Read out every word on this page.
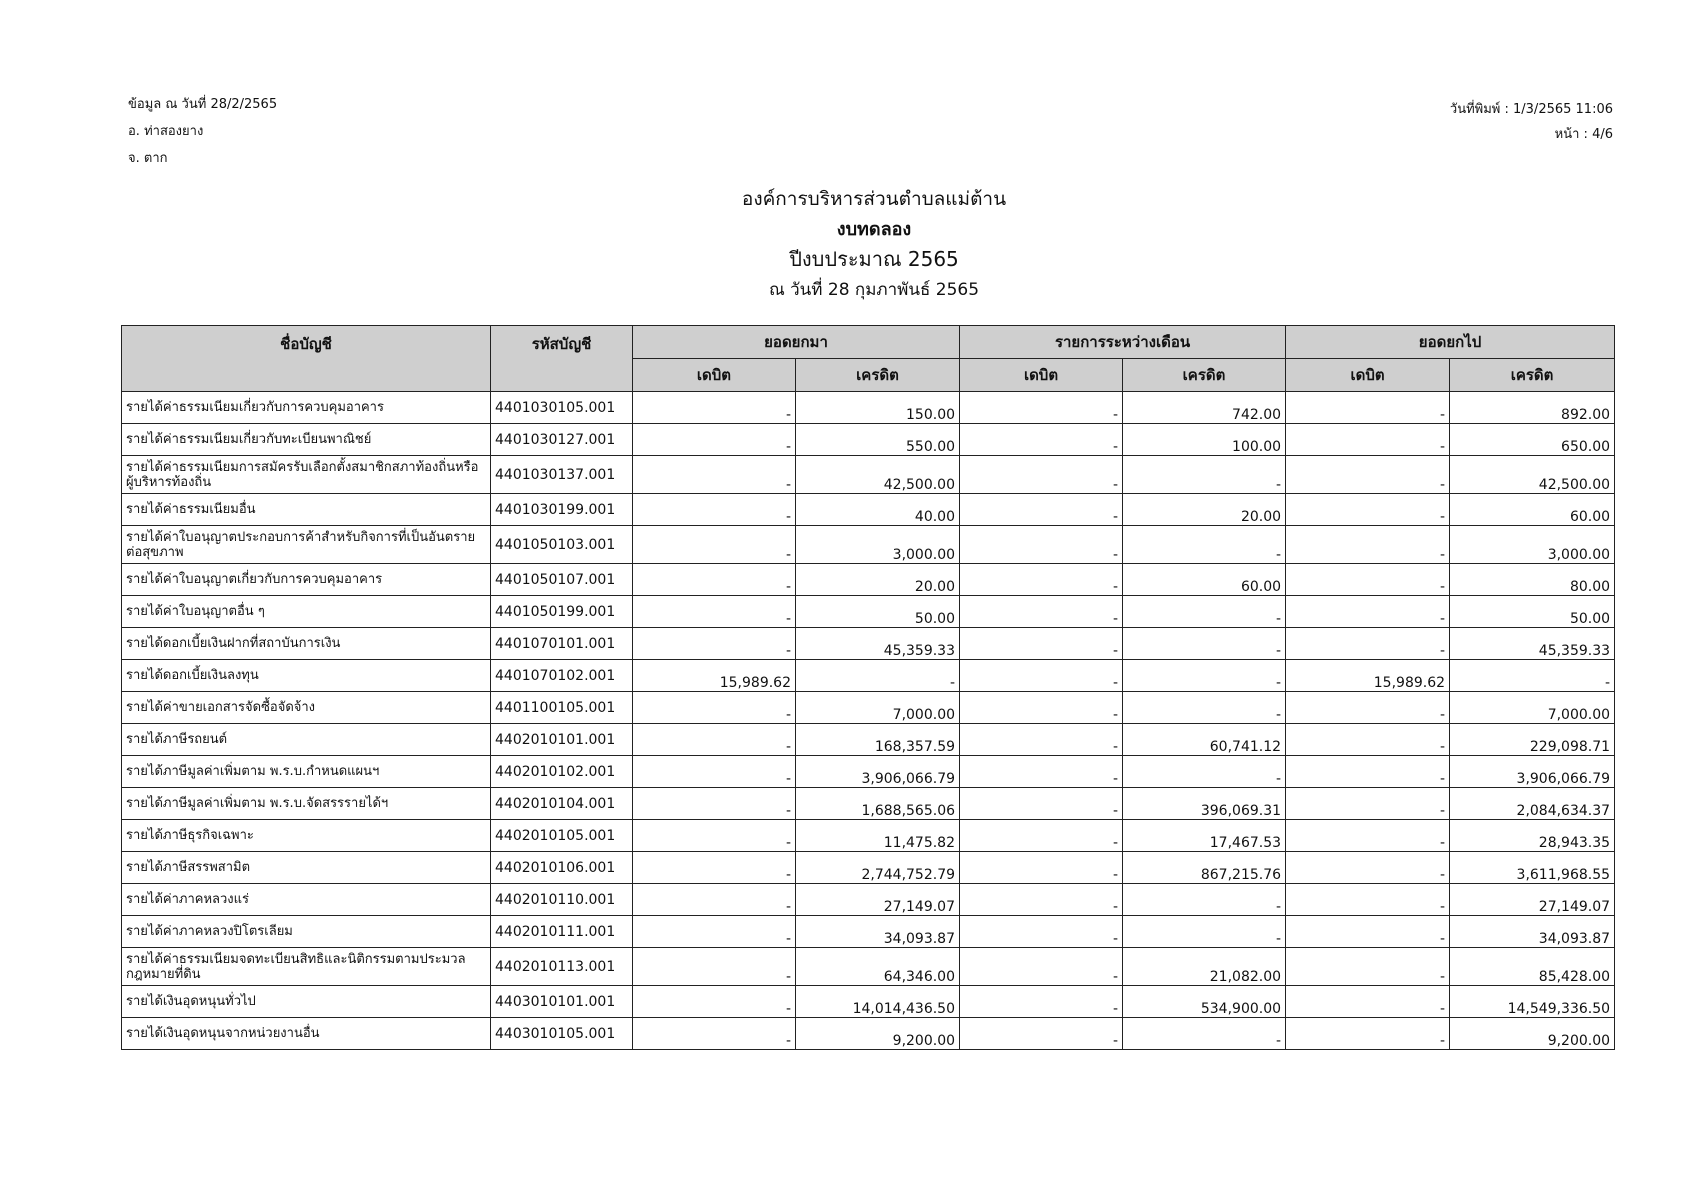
ข้อมูล ณ วันที่ 28/2/2565
อ. ท่าสองยาง
จ. ตาก
วันที่พิมพ์ : 1/3/2565 11:06
หน้า : 4/6
องค์การบริหารส่วนตำบลแม่ต้าน
งบทดลอง
ปีงบประมาณ 2565
ณ วันที่ 28 กุมภาพันธ์ 2565
ชื่อบัญชี	รหัสบัญชี	ยอดยกมา		รายการระหว่างเดือน		ยอดยกไป	
		เดบิต	เครดิต	เดบิต	เครดิต	เดบิต	เครดิต
รายได้ค่าธรรมเนียมเกี่ยวกับการควบคุมอาคาร	4401030105.001	-	150.00	-	742.00	-	892.00
รายได้ค่าธรรมเนียมเกี่ยวกับทะเบียนพาณิชย์	4401030127.001	-	550.00	-	100.00	-	650.00
รายได้ค่าธรรมเนียมการสมัครรับเลือกตั้งสมาชิกสภาท้องถิ่นหรือผู้บริหารท้องถิ่น	4401030137.001	-	42,500.00	-	-	-	42,500.00
รายได้ค่าธรรมเนียมอื่น	4401030199.001	-	40.00	-	20.00	-	60.00
รายได้ค่าใบอนุญาตประกอบการค้าสำหรับกิจการที่เป็นอันตรายต่อสุขภาพ	4401050103.001	-	3,000.00	-	-	-	3,000.00
รายได้ค่าใบอนุญาตเกี่ยวกับการควบคุมอาคาร	4401050107.001	-	20.00	-	60.00	-	80.00
รายได้ค่าใบอนุญาตอื่น ๆ	4401050199.001	-	50.00	-	-	-	50.00
รายได้ดอกเบี้ยเงินฝากที่สถาบันการเงิน	4401070101.001	-	45,359.33	-	-	-	45,359.33
รายได้ดอกเบี้ยเงินลงทุน	4401070102.001	15,989.62	-	-	-	15,989.62	-
รายได้ค่าขายเอกสารจัดซื้อจัดจ้าง	4401100105.001	-	7,000.00	-	-	-	7,000.00
รายได้ภาษีรถยนต์	4402010101.001	-	168,357.59	-	60,741.12	-	229,098.71
รายได้ภาษีมูลค่าเพิ่มตาม พ.ร.บ.กำหนดแผนฯ	4402010102.001	-	3,906,066.79	-	-	-	3,906,066.79
รายได้ภาษีมูลค่าเพิ่มตาม พ.ร.บ.จัดสรรรายได้ฯ	4402010104.001	-	1,688,565.06	-	396,069.31	-	2,084,634.37
รายได้ภาษีธุรกิจเฉพาะ	4402010105.001	-	11,475.82	-	17,467.53	-	28,943.35
รายได้ภาษีสรรพสามิต	4402010106.001	-	2,744,752.79	-	867,215.76	-	3,611,968.55
รายได้ค่าภาคหลวงแร่	4402010110.001	-	27,149.07	-	-	-	27,149.07
รายได้ค่าภาคหลวงปิโตรเลียม	4402010111.001	-	34,093.87	-	-	-	34,093.87
รายได้ค่าธรรมเนียมจดทะเบียนสิทธิและนิติกรรมตามประมวลกฎหมายที่ดิน	4402010113.001	-	64,346.00	-	21,082.00	-	85,428.00
รายได้เงินอุดหนุนทั่วไป	4403010101.001	-	14,014,436.50	-	534,900.00	-	14,549,336.50
รายได้เงินอุดหนุนจากหน่วยงานอื่น	4403010105.001	-	9,200.00	-	-	-	9,200.00
